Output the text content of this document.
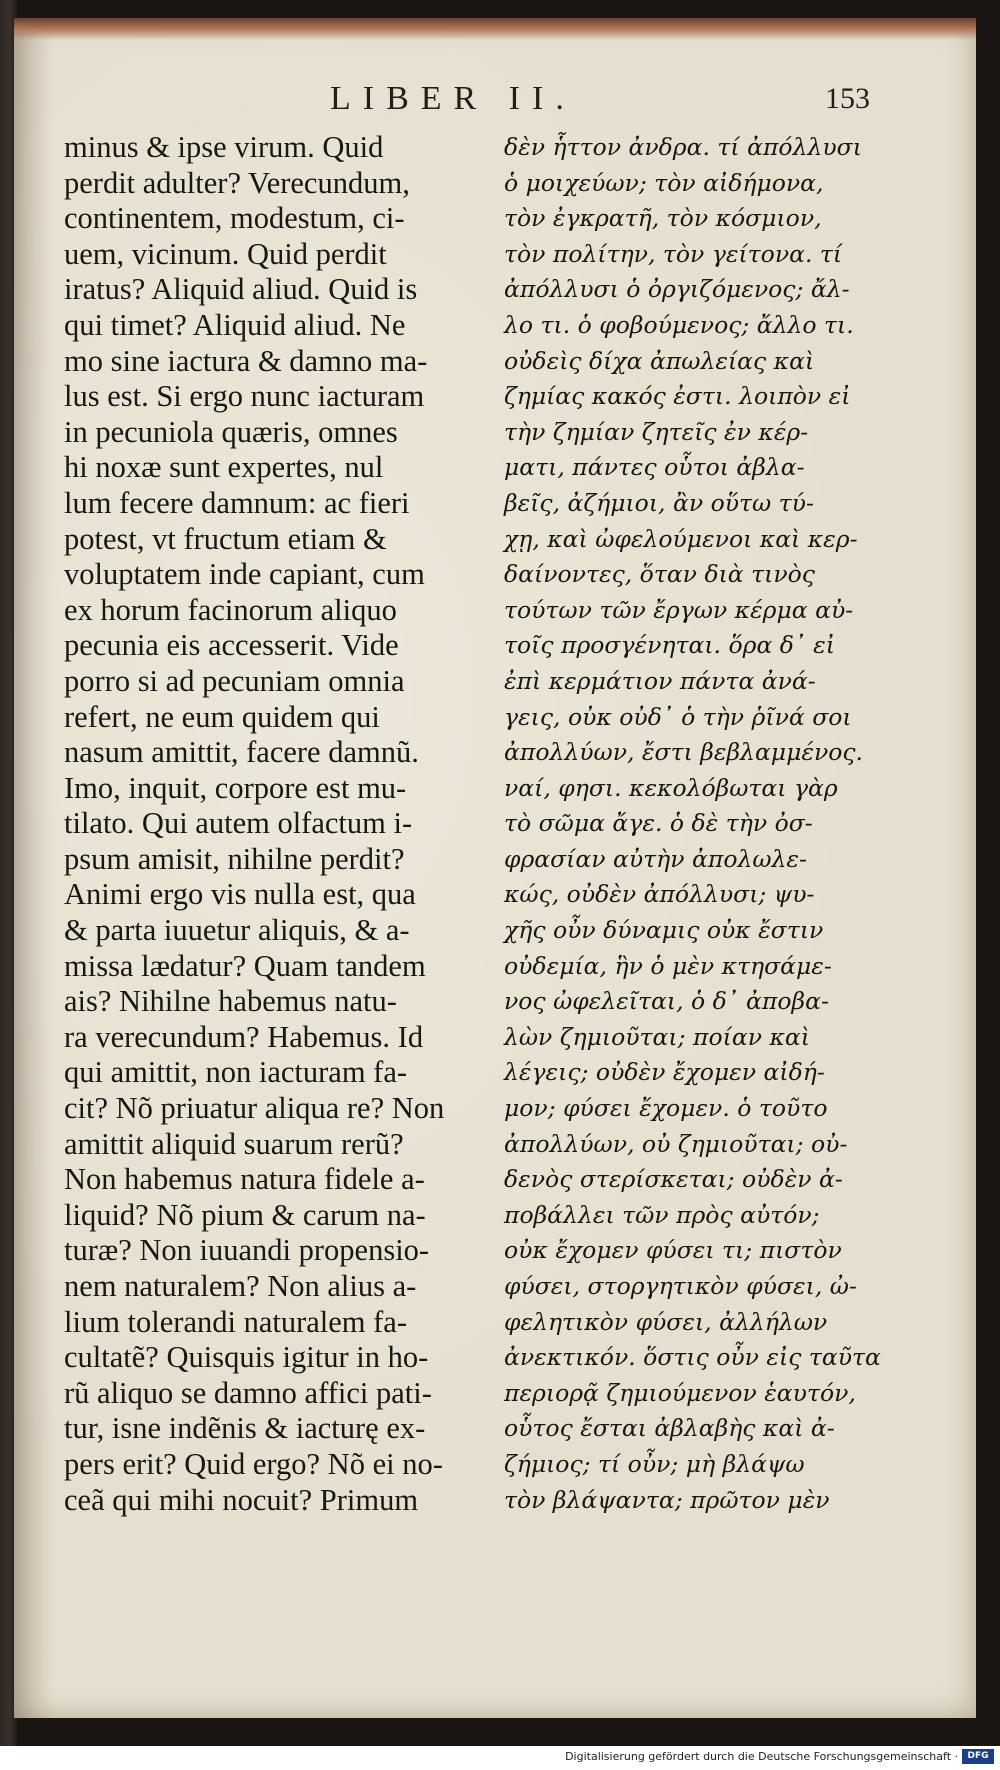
LIBER II.	153
minus & ipse virum. Quid
perdit adulter? Verecundum,
continentem, modestum, ci-
uem, vicinum. Quid perdit
iratus? Aliquid aliud. Quid is
qui timet? Aliquid aliud. Ne
mo sine iactura & damno ma-
lus est. Si ergo nunc iacturam
in pecuniola quæris, omnes
hi noxæ sunt expertes, nul
lum fecere damnum: ac fieri
potest, vt fructum etiam &
voluptatem inde capiant, cum
ex horum facinorum aliquo
pecunia eis accesserit. Vide
porro si ad pecuniam omnia
refert, ne eum quidem qui
nasum amittit, facere damnũ.
Imo, inquit, corpore est mu-
tilato. Qui autem olfactum i-
psum amisit, nihilne perdit?
Animi ergo vis nulla est, qua
& parta iuuetur aliquis, & a-
missa lædatur? Quam tandem
ais? Nihilne habemus natu-
ra verecundum? Habemus. Id
qui amittit, non iacturam fa-
cit? Nõ priuatur aliqua re? Non
amittit aliquid suarum rerũ?
Non habemus natura fidele a-
liquid? Nõ pium & carum na-
turæ? Non iuuandi propensio-
nem naturalem? Non alius a-
lium tolerandi naturalem fa-
cultatẽ? Quisquis igitur in ho-
rũ aliquo se damno affici pati-
tur, isne indẽnis & iacturę ex-
pers erit? Quid ergo? Nõ ei no-
ceã qui mihi nocuit? Primum
δὲν ἧττον ἀνδρα. τί ἀπόλλυσι
ὁ μοιχεύων; τὸν αἰδήμονα,
τὸν ἐγκρατῆ, τὸν κόσμιον,
τὸν πολίτην, τὸν γείτονα. τί
ἀπόλλυσι ὁ ὀργιζόμενος; ἄλ-
λο τι. ὁ φοβούμενος; ἄλλο τι.
οὐδεὶς δίχα ἀπωλείας καὶ
ζημίας κακός ἐστι. λοιπὸν εἰ
τὴν ζημίαν ζητεῖς ἐν κέρ-
ματι, πάντες οὗτοι ἀβλα-
βεῖς, ἀζήμιοι, ἂν οὕτω τύ-
χῃ, καὶ ὠφελούμενοι καὶ κερ-
δαίνοντες, ὅταν διὰ τινὸς
τούτων τῶν ἔργων κέρμα αὐ-
τοῖς προσγένηται. ὅρα δ᾽ εἰ
ἐπὶ κερμάτιον πάντα ἀνά-
γεις, οὐκ οὐδ᾽ ὁ τὴν ῥῖνά σοι
ἀπολλύων, ἔστι βεβλαμμένος.
ναί, φησι. κεκολόβωται γὰρ
τὸ σῶμα ἄγε. ὁ δὲ τὴν ὀσ-
φρασίαν αὐτὴν ἀπολωλε-
κώς, οὐδὲν ἀπόλλυσι; ψυ-
χῆς οὖν δύναμις οὐκ ἔστιν
οὐδεμία, ἣν ὁ μὲν κτησάμε-
νος ὠφελεῖται, ὁ δ᾽ ἀποβα-
λὼν ζημιοῦται; ποίαν καὶ
λέγεις; οὐδὲν ἔχομεν αἰδή-
μον; φύσει ἔχομεν. ὁ τοῦτο
ἀπολλύων, οὐ ζημιοῦται; οὐ-
δενὸς στερίσκεται; οὐδὲν ἀ-
ποβάλλει τῶν πρὸς αὐτόν;
οὐκ ἔχομεν φύσει τι; πιστὸν
φύσει, στοργητικὸν φύσει, ὠ-
φελητικὸν φύσει, ἀλλήλων
ἀνεκτικόν. ὅστις οὖν εἰς ταῦτα
περιορᾷ ζημιούμενον ἑαυτόν,
οὗτος ἔσται ἀβλαβὴς καὶ ἀ-
ζήμιος; τί οὖν; μὴ βλάψω
τὸν βλάψαντα; πρῶτον μὲν
Digitalisierung gefördert durch die Deutsche Forschungsgemeinschaft ·	DFG
